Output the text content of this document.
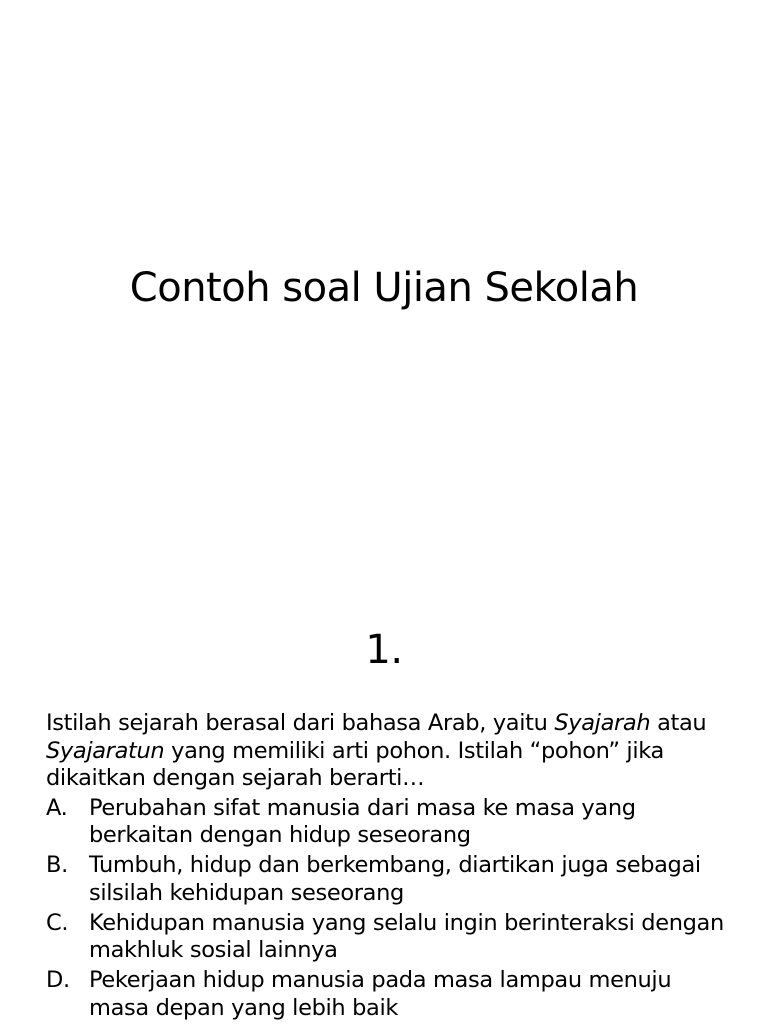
Contoh soal Ujian Sekolah
1.

Istilah sejarah berasal dari bahasa Arab, yaitu Syajarah atau Syajaratun yang memiliki arti pohon. Istilah “pohon” jika dikaitkan dengan sejarah berarti…

A. Perubahan sifat manusia dari masa ke masa yang berkaitan dengan hidup seseorang
B. Tumbuh, hidup dan berkembang, diartikan juga sebagai silsilah kehidupan seseorang
C. Kehidupan manusia yang selalu ingin berinteraksi dengan makhluk sosial lainnya
D. Pekerjaan hidup manusia pada masa lampau menuju masa depan yang lebih baik
